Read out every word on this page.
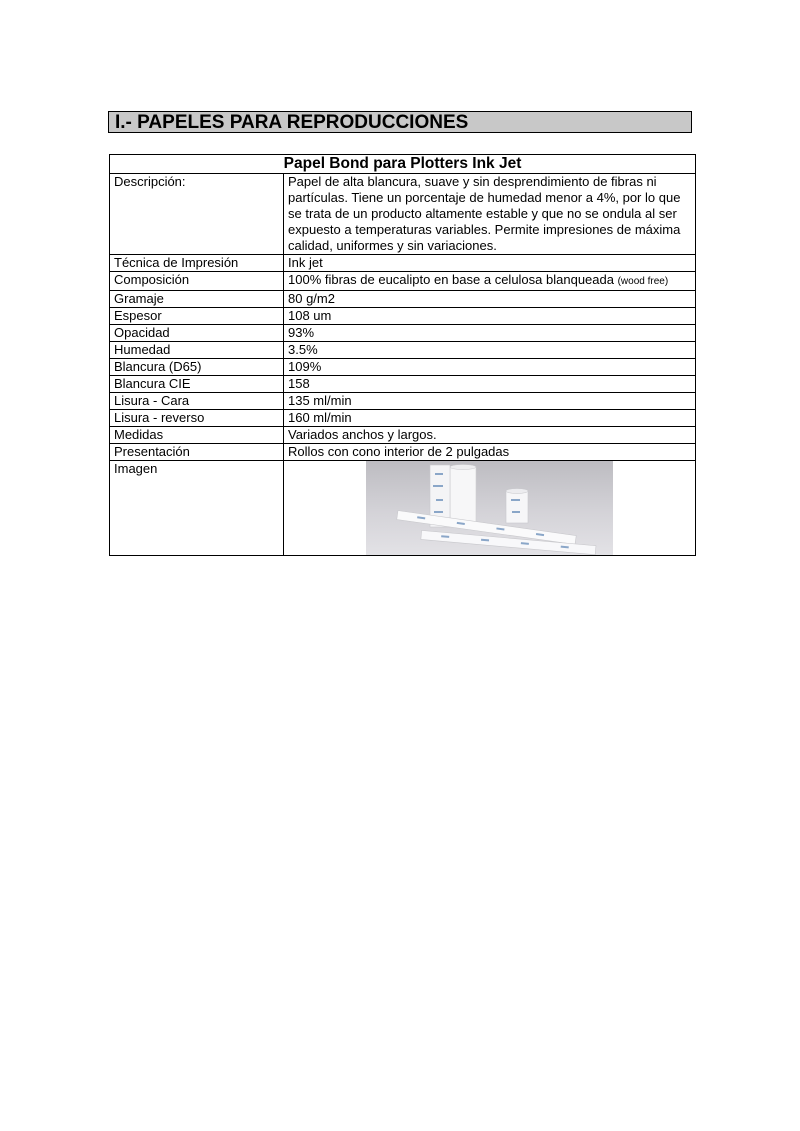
I.- PAPELES PARA REPRODUCCIONES
Papel Bond para Plotters Ink Jet	
Descripción:	Papel de alta blancura, suave y sin desprendimiento de fibras ni partículas. Tiene un porcentaje de humedad menor a 4%, por lo que se trata de un producto altamente estable y que no se ondula al ser expuesto a temperaturas variables. Permite impresiones de máxima calidad, uniformes y sin variaciones.
Técnica de Impresión	Ink jet
Composición	100% fibras de eucalipto en base a celulosa blanqueada (wood free)
Gramaje	80 g/m2
Espesor	108 um
Opacidad	93%
Humedad	3.5%
Blancura (D65)	109%
Blancura CIE	158
Lisura - Cara	135 ml/min
Lisura - reverso	160 ml/min
Medidas	Variados anchos y largos.
Presentación	Rollos con cono interior de 2 pulgadas
Imagen	
